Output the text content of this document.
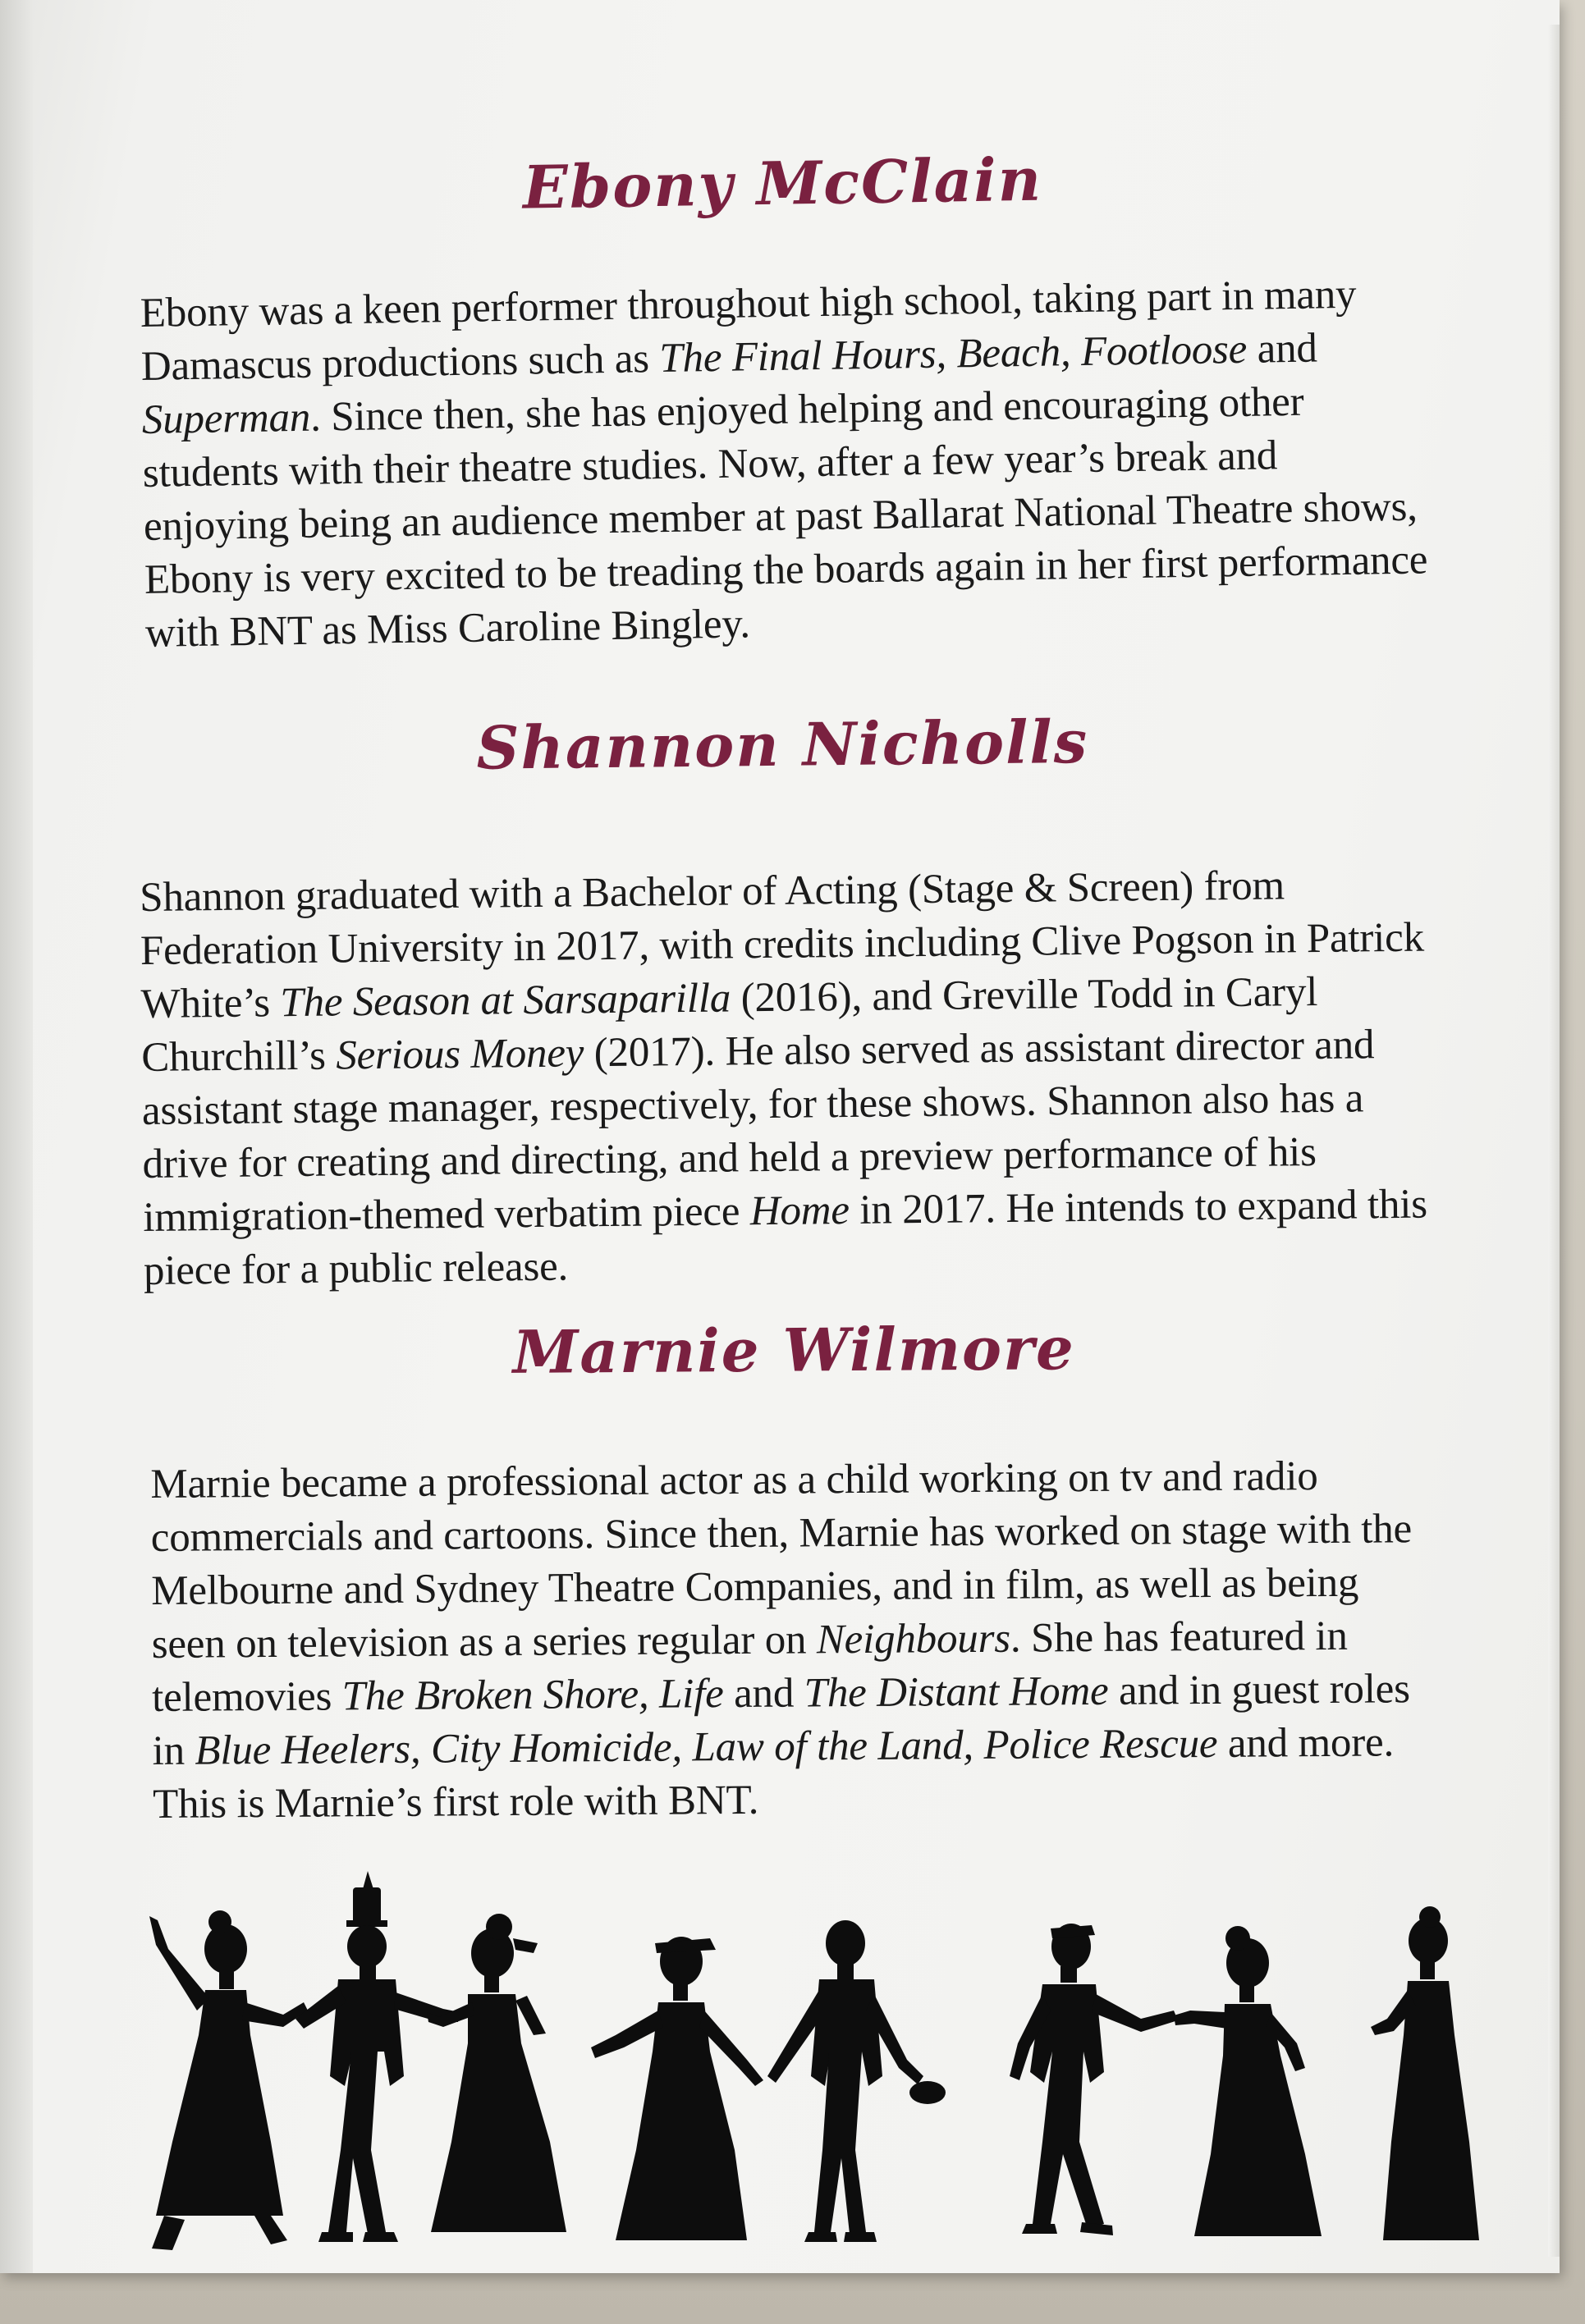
Ebony McClain

Ebony was a keen performer throughout high school, taking part in many Damascus productions such as The Final Hours, Beach, Footloose and Superman. Since then, she has enjoyed helping and encouraging other students with their theatre studies. Now, after a few year’s break and enjoying being an audience member at past Ballarat National Theatre shows, Ebony is very excited to be treading the boards again in her first performance with BNT as Miss Caroline Bingley.

Shannon Nicholls

Shannon graduated with a Bachelor of Acting (Stage & Screen) from Federation University in 2017, with credits including Clive Pogson in Patrick White’s The Season at Sarsaparilla (2016), and Greville Todd in Caryl Churchill’s Serious Money (2017). He also served as assistant director and assistant stage manager, respectively, for these shows. Shannon also has a drive for creating and directing, and held a preview performance of his immigration-themed verbatim piece Home in 2017. He intends to expand this piece for a public release.

Marnie Wilmore

Marnie became a professional actor as a child working on tv and radio commercials and cartoons. Since then, Marnie has worked on stage with the Melbourne and Sydney Theatre Companies, and in film, as well as being seen on television as a series regular on Neighbours. She has featured in telemovies The Broken Shore, Life and The Distant Home and in guest roles in Blue Heelers, City Homicide, Law of the Land, Police Rescue and more. This is Marnie’s first role with BNT.
